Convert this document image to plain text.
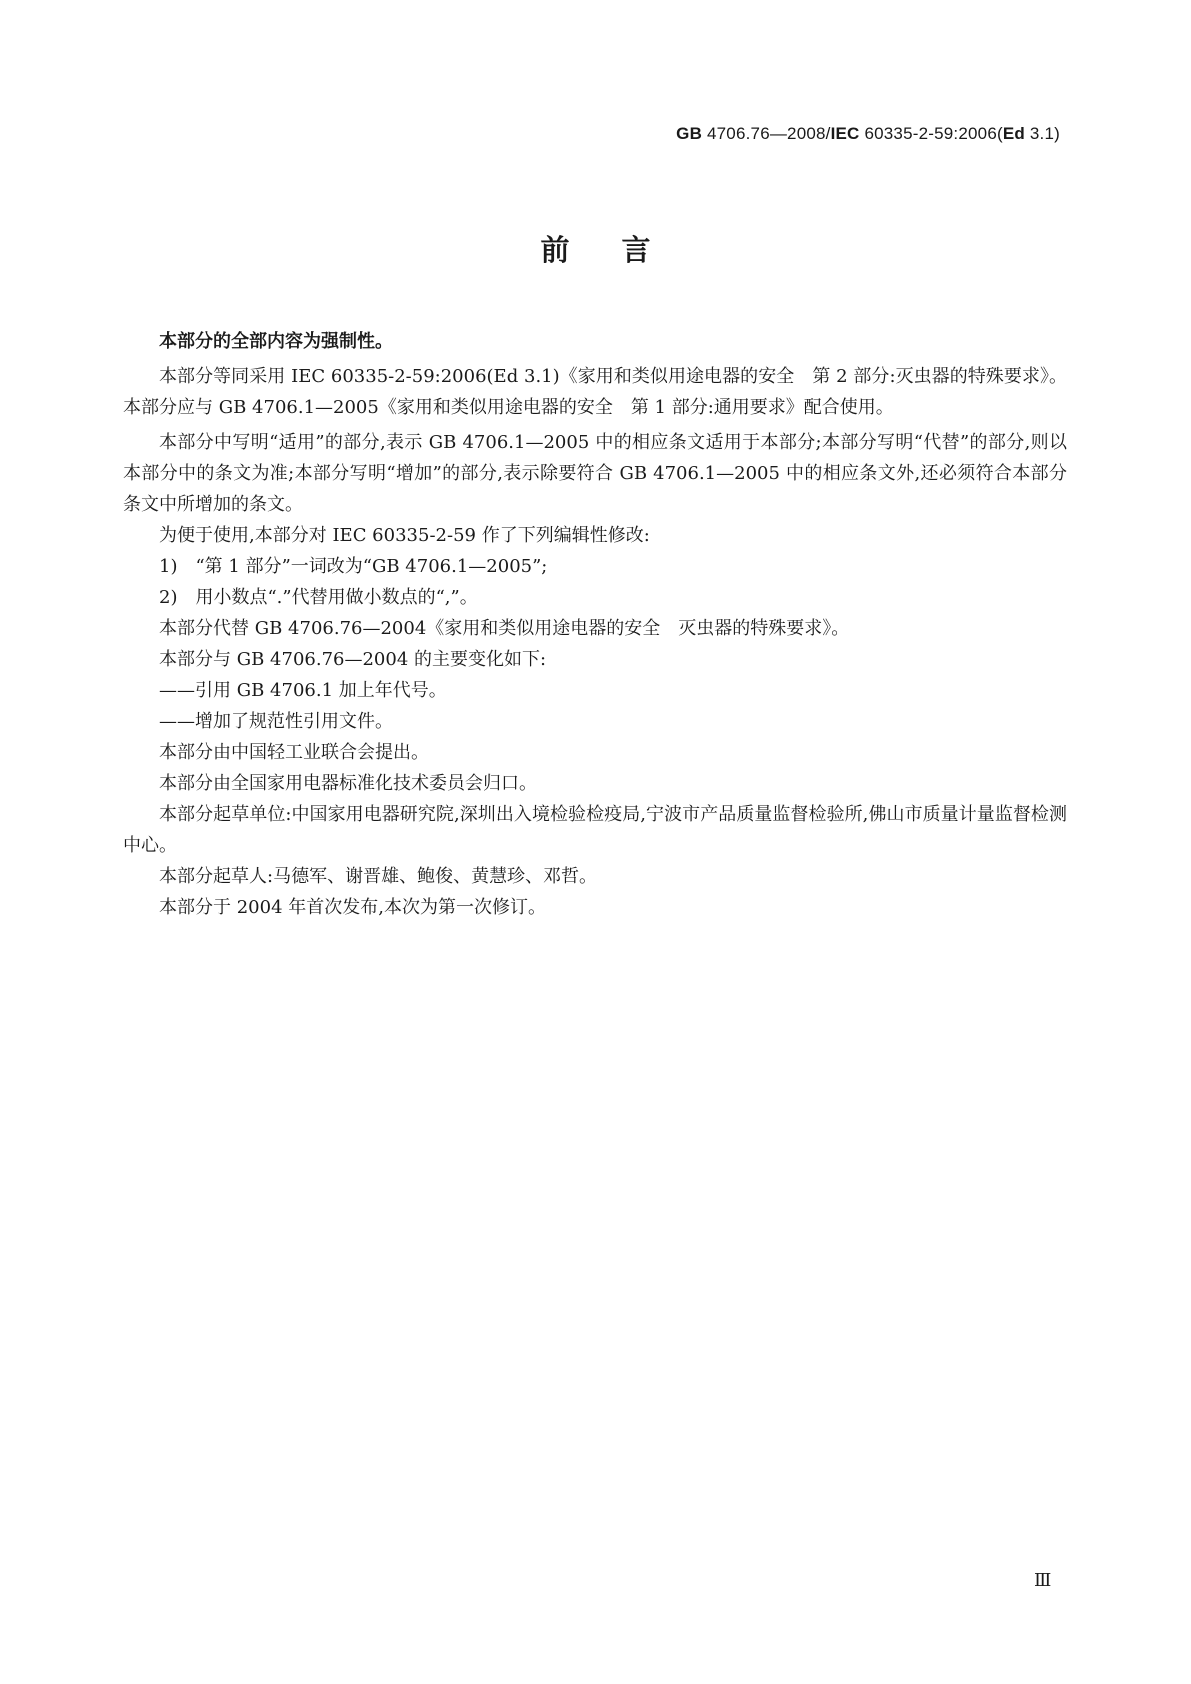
GB 4706.76—2008/IEC 60335-2-59:2006(Ed 3.1)
前言

本部分的全部内容为强制性。

本部分等同采用 IEC 60335-2-59:2006(Ed 3.1)《家用和类似用途电器的安全　第 2 部分:灭虫器的特殊要求》。本部分应与 GB 4706.1—2005《家用和类似用途电器的安全　第 1 部分:通用要求》配合使用。

本部分中写明“适用”的部分,表示 GB 4706.1—2005 中的相应条文适用于本部分;本部分写明“代替”的部分,则以本部分中的条文为准;本部分写明“增加”的部分,表示除要符合 GB 4706.1—2005 中的相应条文外,还必须符合本部分条文中所增加的条文。

为便于使用,本部分对 IEC 60335-2-59 作了下列编辑性修改:

1)　“第 1 部分”一词改为“GB 4706.1—2005”;

2)　用小数点“.”代替用做小数点的“,”。

本部分代替 GB 4706.76—2004《家用和类似用途电器的安全　灭虫器的特殊要求》。

本部分与 GB 4706.76—2004 的主要变化如下:

——引用 GB 4706.1 加上年代号。

——增加了规范性引用文件。

本部分由中国轻工业联合会提出。

本部分由全国家用电器标准化技术委员会归口。

本部分起草单位:中国家用电器研究院,深圳出入境检验检疫局,宁波市产品质量监督检验所,佛山市质量计量监督检测中心。

本部分起草人:马德军、谢晋雄、鲍俊、黄慧珍、邓哲。

本部分于 2004 年首次发布,本次为第一次修订。

Ⅲ
